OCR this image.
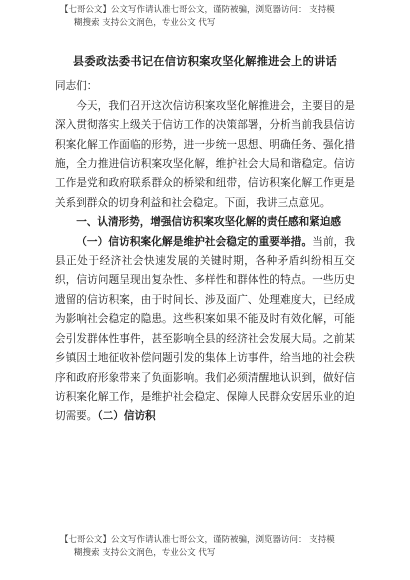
【七哥公文】公文写作请认准七哥公文，谨防被骗，浏览器访问： 支持模
糊搜索 支持公文润色，专业公文 代写

县委政法委书记在信访积案攻坚化解推进会上的讲话

同志们：

今天，我们召开这次信访积案攻坚化解推进会，主要目的是深入贯彻落实上级关于信访工作的决策部署，分析当前我县信访积案化解工作面临的形势，进一步统一思想、明确任务、强化措施，全力推进信访积案攻坚化解，维护社会大局和谐稳定。信访工作是党和政府联系群众的桥梁和纽带，信访积案化解工作更是关系到群众的切身利益和社会稳定。下面，我讲三点意见。

一、认清形势，增强信访积案攻坚化解的责任感和紧迫感

（一）信访积案化解是维护社会稳定的重要举措。当前，我县正处于经济社会快速发展的关键时期，各种矛盾纠纷相互交织，信访问题呈现出复杂性、多样性和群体性的特点。一些历史遗留的信访积案，由于时间长、涉及面广、处理难度大，已经成为影响社会稳定的隐患。这些积案如果不能及时有效化解，可能会引发群体性事件，甚至影响全县的经济社会发展大局。之前某乡镇因土地征收补偿问题引发的集体上访事件，给当地的社会秩序和政府形象带来了负面影响。我们必须清醒地认识到，做好信访积案化解工作，是维护社会稳定、保障人民群众安居乐业的迫切需要。（二）信访积

【七哥公文】公文写作请认准七哥公文，谨防被骗，浏览器访问： 支持模
糊搜索 支持公文润色，专业公文 代写
